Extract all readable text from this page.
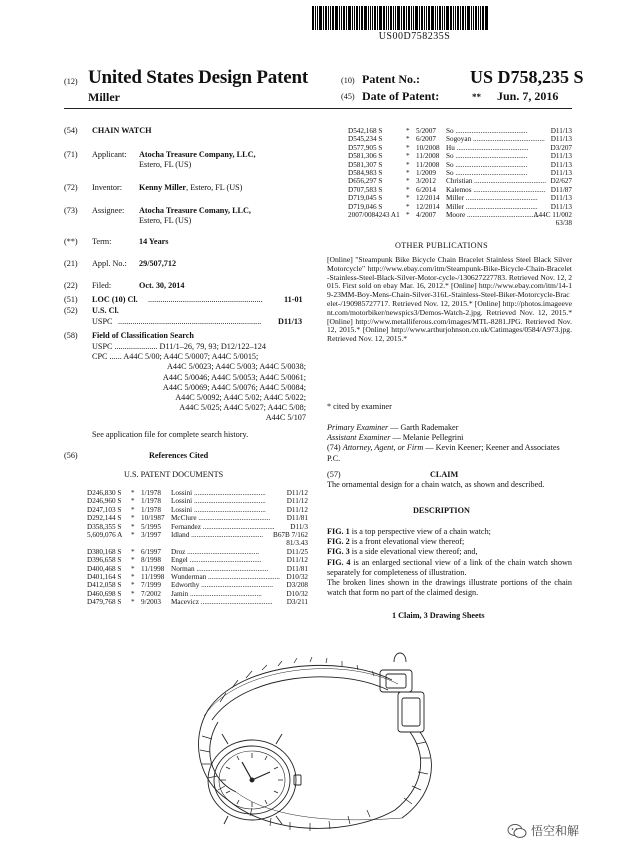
US00D758235S
(12) United States Design Patent
Miller
(10) Patent No.:	US D758,235 S
(45) Date of Patent:	** Jun. 7, 2016
(54) CHAIN WATCH
(71) Applicant: Atocha Treasure Company, LLC,
Estero, FL (US)
(72) Inventor: Kenny Miller, Estero, FL (US)
(73) Assignee: Atocha Treasure Comany, LLC,
Estero, FL (US)
(**) Term:	14 Years
(21) Appl. No.: 29/507,712
(22) Filed:	Oct. 30, 2014
(51) LOC (10) Cl. ........................................................	11-01
(52) U.S. Cl.
USPC ......................................................................	D11/13
(58) Field of Classification Search
USPC ..................... D11/1–26, 79, 93; D12/122–124
CPC ...... A44C 5/00; A44C 5/0007; A44C 5/0015;
A44C 5/0023; A44C 5/003; A44C 5/0038;
A44C 5/0046; A44C 5/0053; A44C 5/0061;
A44C 5/0069; A44C 5/0076; A44C 5/0084;
A44C 5/0092; A44C 5/02; A44C 5/022;
A44C 5/025; A44C 5/027; A44C 5/08;
A44C 5/107
See application file for complete search history.
(56)	References Cited
U.S. PATENT DOCUMENTS
D246,830 S	*	1/1978	Lossini ........................................	D11/12
D246,960 S	*	1/1978	Lossini ........................................	D11/12
D247,103 S	*	1/1978	Lossini ........................................	D11/12
D292,144 S	*	10/1987	McClure ........................................	D11/81
D358,355 S	*	5/1995	Fernandez ........................................	D11/3
5,609,076 A	*	3/1997	Idland ........................................	B67B 7/162
				81/3.43
D380,168 S	*	6/1997	Droz ........................................	D11/25
D396,658 S	*	8/1998	Engel ........................................	D11/12
D400,468 S	*	11/1998	Norman ........................................	D11/81
D401,164 S	*	11/1998	Wunderman ........................................	D10/32
D412,058 S	*	7/1999	Edworthy ........................................	D3/208
D460,698 S	*	7/2002	Jamin ........................................	D10/32
D479,768 S	*	9/2003	Macevicz ........................................	D3/211
D542,168 S	*	5/2007	So ........................................	D11/13
D545,234 S	*	6/2007	Sogoyan ........................................	D11/13
D577,905 S	*	10/2008	Hu ........................................	D3/207
D581,306 S	*	11/2008	So ........................................	D11/13
D581,307 S	*	11/2008	So ........................................	D11/13
D584,983 S	*	1/2009	So ........................................	D11/13
D656,297 S	*	3/2012	Christian ........................................	D2/627
D707,583 S	*	6/2014	Kalemos ........................................	D11/87
D719,045 S	*	12/2014	Miller ........................................	D11/13
D719,046 S	*	12/2014	Miller ........................................	D11/13
2007/0084243 A1	*	4/2007	Moore ........................................	A44C 11/002
				63/38
OTHER PUBLICATIONS
[Online] "Steampunk Bike Bicycle Chain Bracelet Stainless Steel Black Silver Motorcycle" http://www.ebay.com/itm/Steampunk-Bike-Bicycle-Chain-Bracelet-Stainless-Steel-Black-Silver-Motor-cycle-/130627227783. Retrieved Nov. 12, 2015. First sold on ebay Mar. 16, 2012.* [Online] http://www.ebay.com/itm/14-19-23MM-Boy-Mens-Chain-Silver-316L-Stainless-Steel-Biker-Motorcycle-Bracelet-/190985727717. Retrieved Nov. 12, 2015.* [Online] http://photos.imageevent.com/motorbiker/newspics3/Demos-Watch-2.jpg. Retrieved Nov. 12, 2015.* [Online] http://www.metalliferous.com/images/MTL-8281.JPG. Retrieved Nov. 12, 2015.* [Online] http://www.arthurjohnson.co.uk/Catimages/0584/A973.jpg. Retrieved Nov. 12, 2015.*
* cited by examiner
Primary Examiner — Garth Rademaker
Assistant Examiner — Melanie Pellegrini
(74) Attorney, Agent, or Firm — Kevin Keener; Keener and Associates P.C.
(57)	CLAIM
The ornamental design for a chain watch, as shown and described.
DESCRIPTION
FIG. 1 is a top perspective view of a chain watch;
FIG. 2 is a front elevational view thereof;
FIG. 3 is a side elevational view thereof; and,
FIG. 4 is an enlarged sectional view of a link of the chain watch shown separately for completeness of illustration.
The broken lines shown in the drawings illustrate portions of the chain watch that form no part of the claimed design.
1 Claim, 3 Drawing Sheets
悟空和解
